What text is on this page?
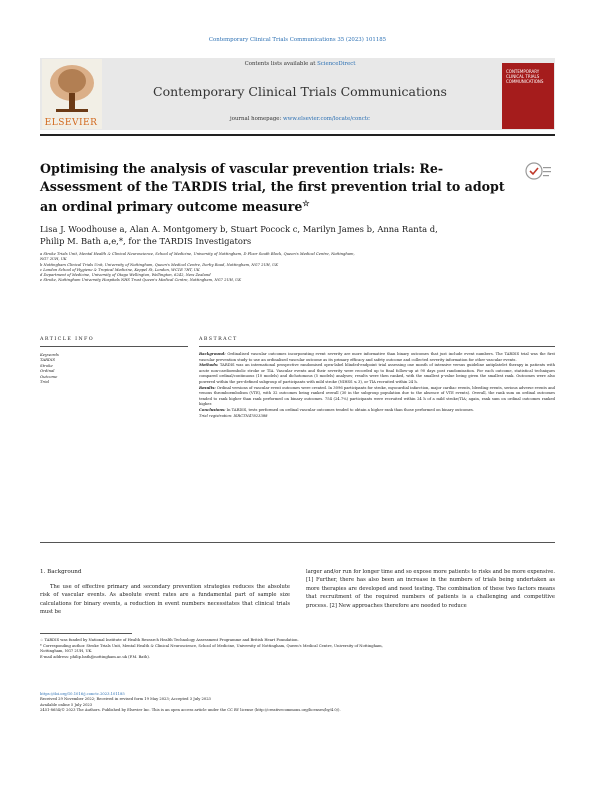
Contemporary Clinical Trials Communications 35 (2023) 101185
ELSEVIER
Contents lists available at ScienceDirect
Contemporary Clinical Trials Communications
journal homepage: www.elsevier.com/locate/conctc
CONTEMPORARY CLINICAL TRIALS COMMUNICATIONS
Optimising the analysis of vascular prevention trials: Re-Assessment of the TARDIS trial, the first prevention trial to adopt an ordinal primary outcome measure☆
Lisa J. Woodhouse a, Alan A. Montgomery b, Stuart Pocock c, Marilyn James b, Anna Ranta d,
Philip M. Bath a,e,*, for the TARDIS Investigators
a Stroke Trials Unit, Mental Health & Clinical Neuroscience, School of Medicine, University of Nottingham, D Floor South Block, Queen's Medical Centre, Nottingham,
NG7 2UH, UK
b Nottingham Clinical Trials Unit, University of Nottingham, Queen's Medical Centre, Derby Road, Nottingham, NG7 2UH, UK
c London School of Hygiene & Tropical Medicine, Keppel St, London, WC1E 7HT, UK
d Department of Medicine, University of Otago Wellington, Wellington, 6242, New Zealand
e Stroke, Nottingham University Hospitals NHS Trust Queen's Medical Centre, Nottingham, NG7 2UH, UK
ARTICLE INFO	ABSTRACT
Keywords
TARDIS
Stroke
Ordinal
Outcome
Trial

Background: Ordinalised vascular outcomes incorporating event severity are more informative than binary outcomes that just include event numbers. The TARDIS trial was the first vascular prevention study to use an ordinalised vascular outcome as its primary efficacy and safety outcome and collected severity information for other vascular events.

Methods: TARDIS was an international prospective randomised open-label blinded-endpoint trial assessing one month of intensive versus guideline antiplatelet therapy in patients with acute non-cardioembolic stroke or TIA. Vascular events and their severity were recorded up to final follow-up at 90 days post randomisation. For each outcome, statistical techniques compared ordinal/continuous (10 models) and dichotomous (5 models) analyses; results were then ranked, with the smallest p-value being given the smallest rank. Outcomes were also powered within the pre-defined subgroup of participants with mild stroke (NIHSS ≤ 3), or TIA recruited within 24 h.

Results: Ordinal versions of vascular event outcomes were created. In 3096 participants for stroke, myocardial infarction, major cardiac events, bleeding events, serious adverse events and venous thromboembolism (VTE), with 32 outcomes being ranked overall (30 in the subgroup population due to the absence of VTE events). Overall, the rank sum on ordinal outcomes tended to rank higher than rank performed on binary outcomes. 754 (24.7%) participants were recruited within 24 h of a mild stroke/TIA; again, rank sum on ordinal outcomes ranked higher.

Conclusions: In TARDIS, tests performed on ordinal vascular outcomes tended to obtain a higher rank than those performed on binary outcomes.

Trial registration: ISRCTN47823388

1. Background

The use of effective primary and secondary prevention strategies reduces the absolute risk of vascular events. As absolute event rates are a fundamental part of sample size calculations for binary events, a reduction in event numbers necessitates that clinical trials must be

larger and/or run for longer time and so expose more patients to risks and be more expensive. [1] Further, there has also been an increase in the numbers of trials being undertaken as more therapies are developed and need testing. The combination of these two factors means that recruitment of the required numbers of patients is a challenging and competitive process. [2] New approaches therefore are needed to reduce

☆ TARDIS was funded by National Institute of Health Research Health Technology Assessment Programme and British Heart Foundation.
* Corresponding author. Stroke Trials Unit, Mental Health & Clinical Neuroscience, School of Medicine, University of Nottingham, Queen's Medical Centre, University of Nottingham,
Nottingham, NG7 2UH, UK.
E-mail address: philip.bath@nottingham.ac.uk (P.M. Bath).
https://doi.org/10.1016/j.conctc.2023.101185
Received 29 November 2022; Received in revised form 19 May 2023; Accepted 3 July 2023
Available online 5 July 2023
2451-8654/© 2023 The Authors. Published by Elsevier Inc. This is an open access article under the CC BY license (http://creativecommons.org/licenses/by/4.0/).
